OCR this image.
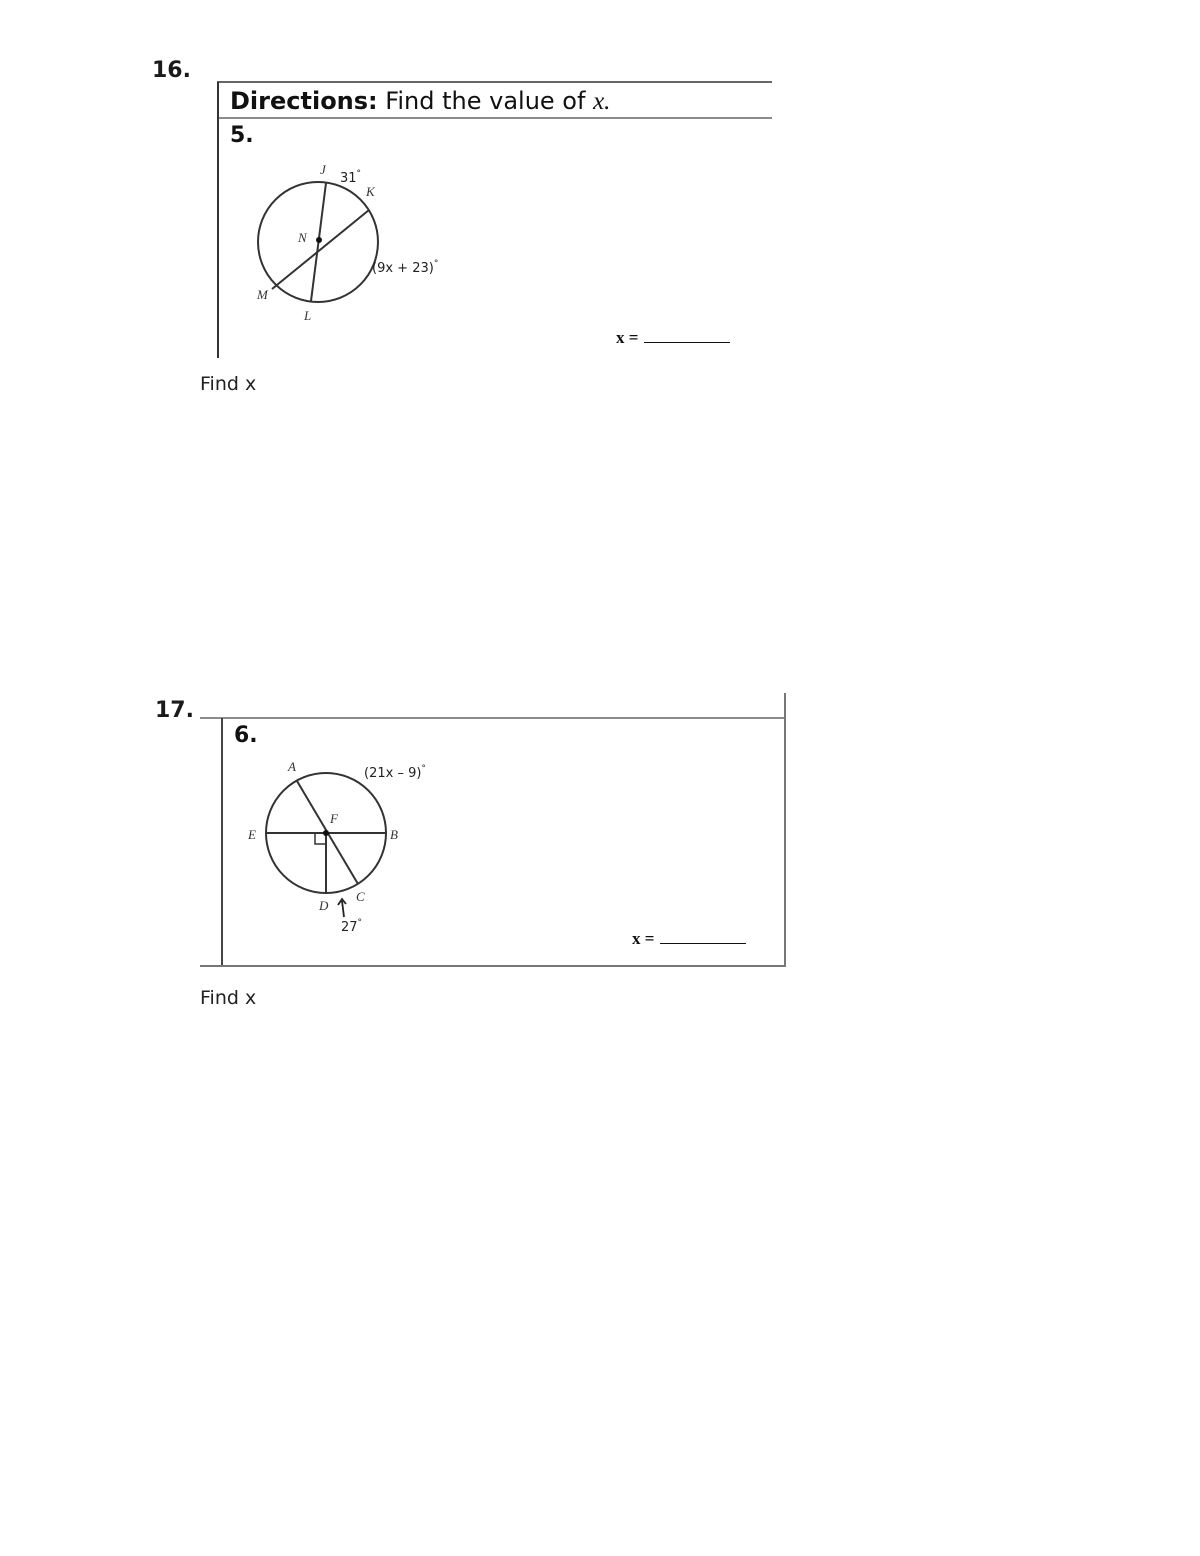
16.
Directions: Find the value of x.
5.
J
K
N
M
L
31°
(9x + 23)°
x =
Find x
17.
6.
A
F
B
E
D
C
(21x – 9)°
27°
x =
Find x
